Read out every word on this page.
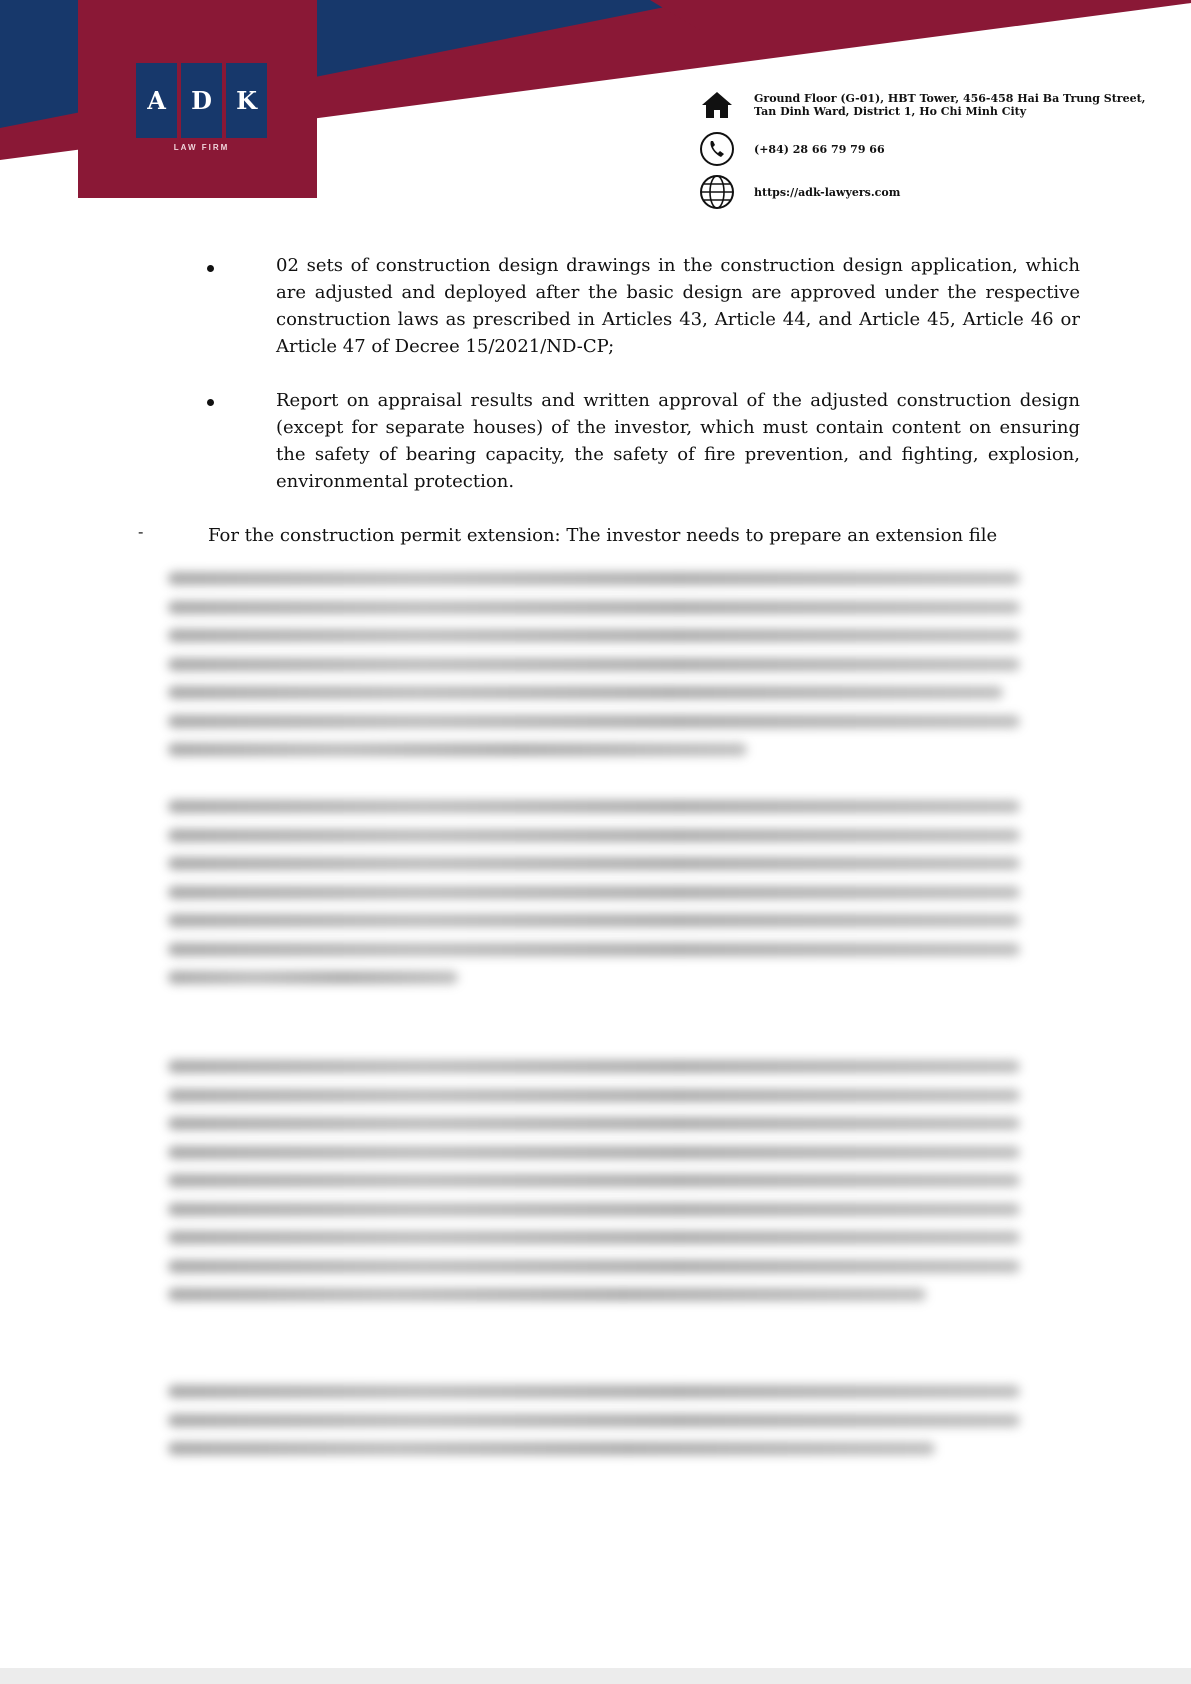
A	D	K
LAW FIRM
Ground Floor (G-01), HBT Tower, 456-458 Hai Ba Trung Street,
Tan Dinh Ward, District 1, Ho Chi Minh City
(+84) 28 66 79 79 66
https://adk-lawyers.com
02 sets of construction design drawings in the construction design application, which are adjusted and deployed after the basic design are approved under the respective construction laws as prescribed in Articles 43, Article 44, and Article 45, Article 46 or Article 47 of Decree 15/2021/ND-CP;
Report on appraisal results and written approval of the adjusted construction design (except for separate houses) of the investor, which must contain content on ensuring the safety of bearing capacity, the safety of fire prevention, and fighting, explosion, environmental protection.
-	For the construction permit extension: The investor needs to prepare an extension file
